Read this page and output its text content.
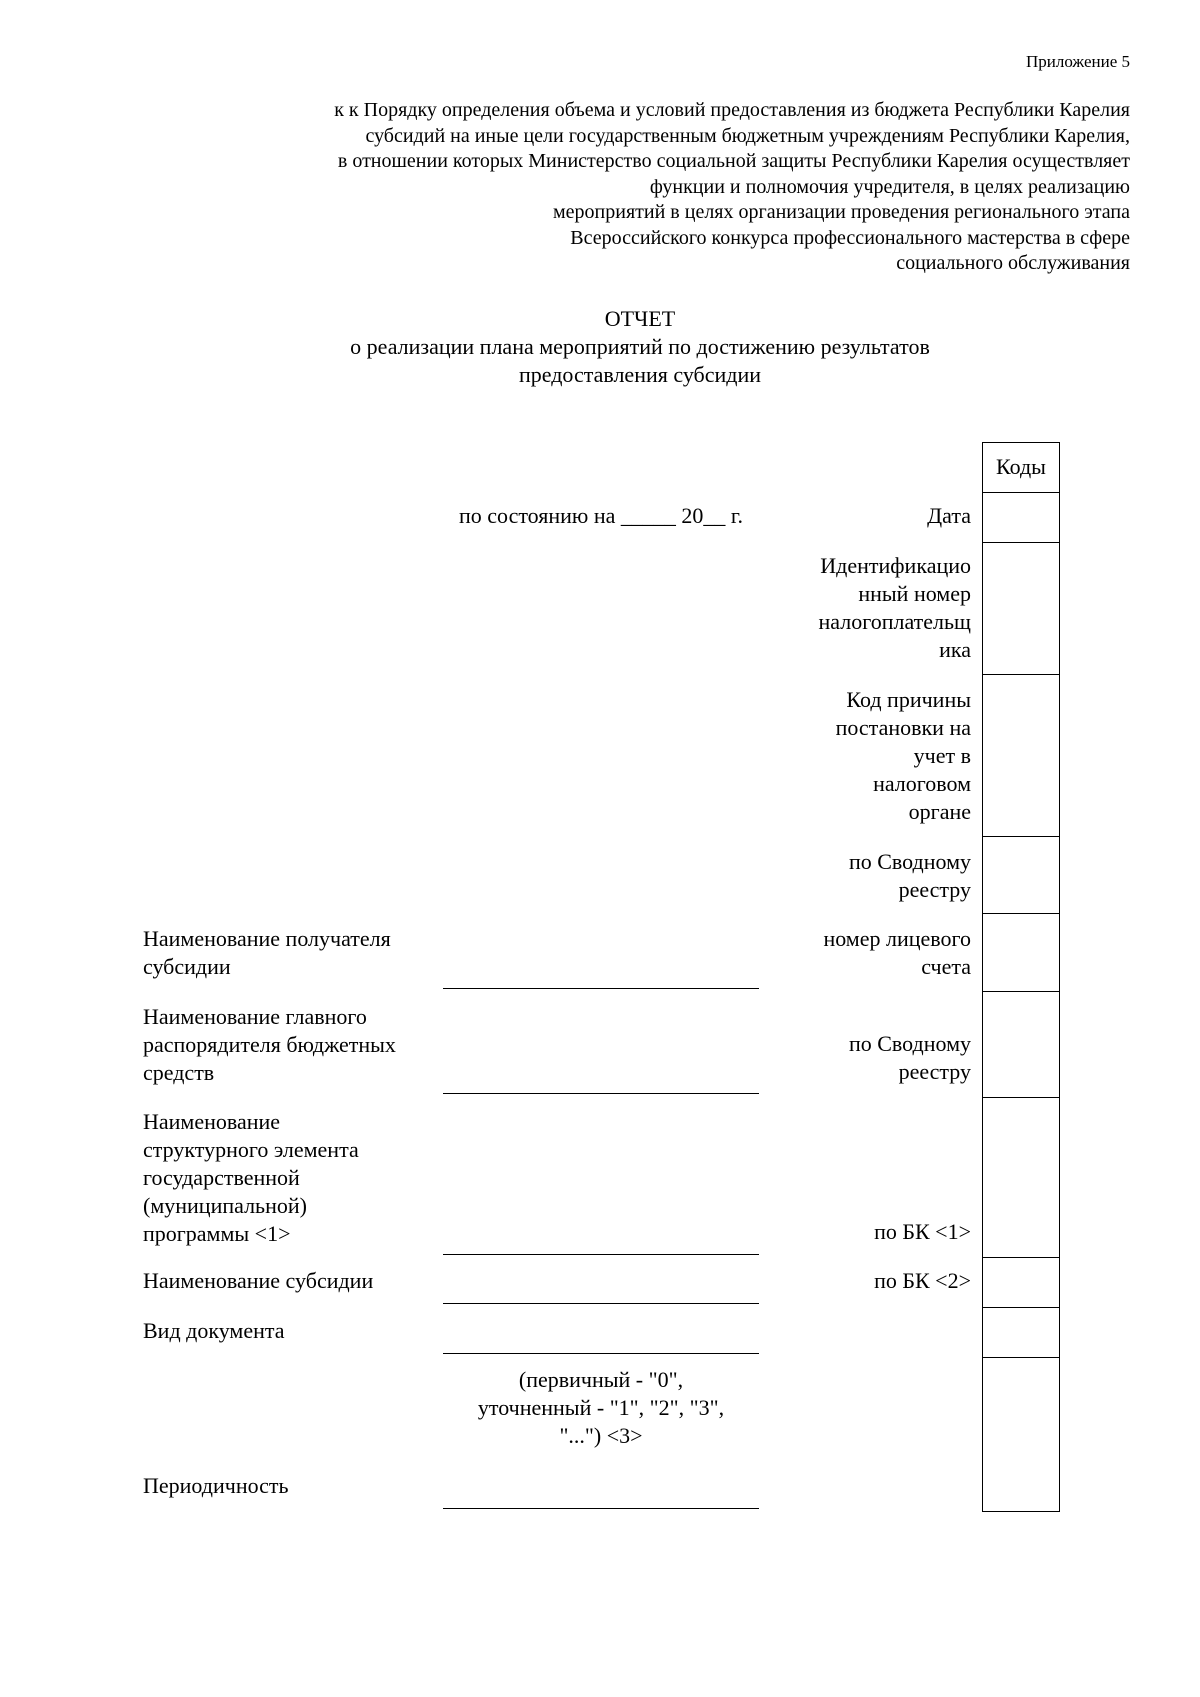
Приложение 5
к к Порядку определения объема и условий предоставления из бюджета Республики Карелия
субсидий на иные цели государственным бюджетным учреждениям Республики Карелия,
в отношении которых Министерство социальной защиты Республики Карелия осуществляет
функции и полномочия учредителя, в целях реализацию
мероприятий в целях организации проведения регионального этапа
Всероссийского конкурса профессионального мастерства в сфере
социального обслуживания
ОТЧЕТ
о реализации плана мероприятий по достижению результатов
предоставления субсидии
Коды
по состоянию на _____ 20__ г.	Дата
Идентификацио
нный номер
налогоплательщ
ика
Код причины
постановки на
учет в
налоговом
органе
по Сводному
реестру
номер лицевого
счета
по Сводному
реестру
по БК <1>
по БК <2>
Наименование получателя
субсидии
Наименование главного
распорядителя бюджетных
средств
Наименование
структурного элемента
государственной
(муниципальной)
программы <1>
Наименование субсидии
Вид документа
Периодичность
(первичный - "0",
уточненный - "1", "2", "3",
"...") <3>
